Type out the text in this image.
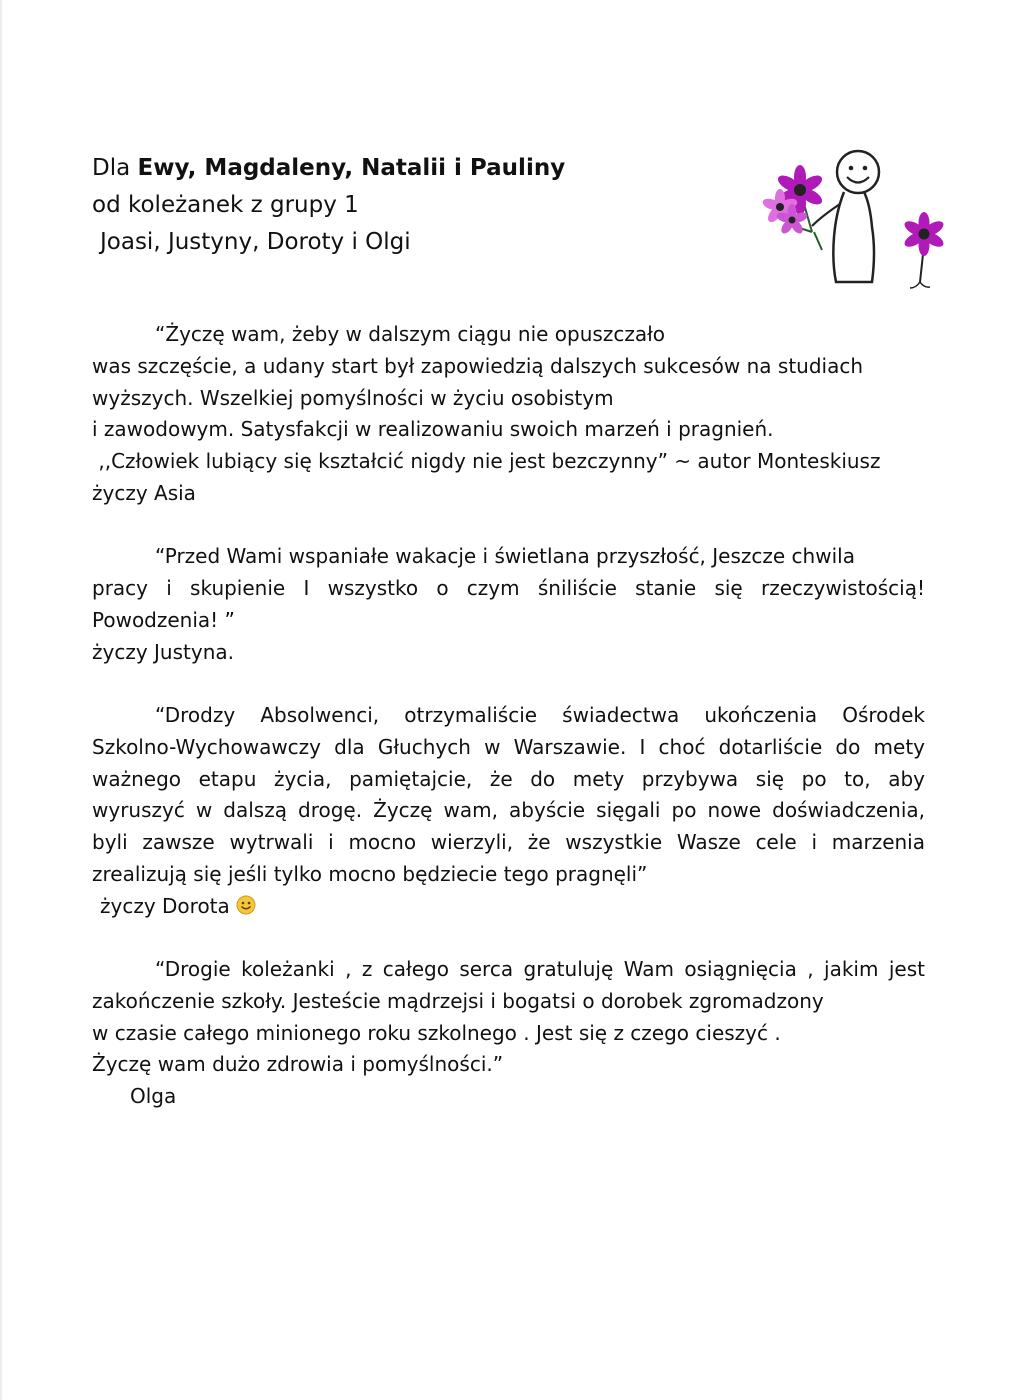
Dla Ewy, Magdaleny, Natalii i Pauliny
od koleżanek z grupy 1
Joasi, Justyny, Doroty i Olgi

“Życzę wam, żeby w dalszym ciągu nie opuszczało

was szczęście, a udany start był zapowiedzią dalszych sukcesów na studiach

wyższych. Wszelkiej pomyślności w życiu osobistym

i zawodowym. Satysfakcji w realizowaniu swoich marzeń i pragnień.

,,Człowiek lubiący się kształcić nigdy nie jest bezczynny” ~ autor Monteskiusz

życzy Asia

“Przed Wami wspaniałe wakacje i świetlana przyszłość, Jeszcze chwila

pracy i skupienie I wszystko o czym śniliście stanie się rzeczywistością!

Powodzenia! ”

życzy Justyna.

“Drodzy Absolwenci, otrzymaliście świadectwa ukończenia Ośrodek

Szkolno-Wychowawczy dla Głuchych w Warszawie. I choć dotarliście do mety

ważnego etapu życia, pamiętajcie, że do mety przybywa się po to, aby

wyruszyć w dalszą drogę. Życzę wam, abyście sięgali po nowe doświadczenia,

byli zawsze wytrwali i mocno wierzyli, że wszystkie Wasze cele i marzenia

zrealizują się jeśli tylko mocno będziecie tego pragnęli”

życzy Dorota

“Drogie koleżanki , z całego serca gratuluję Wam osiągnięcia , jakim jest

zakończenie szkoły. Jesteście mądrzejsi i bogatsi o dorobek zgromadzony

w czasie całego minionego roku szkolnego . Jest się z czego cieszyć .

Życzę wam dużo zdrowia i pomyślności.”

Olga
